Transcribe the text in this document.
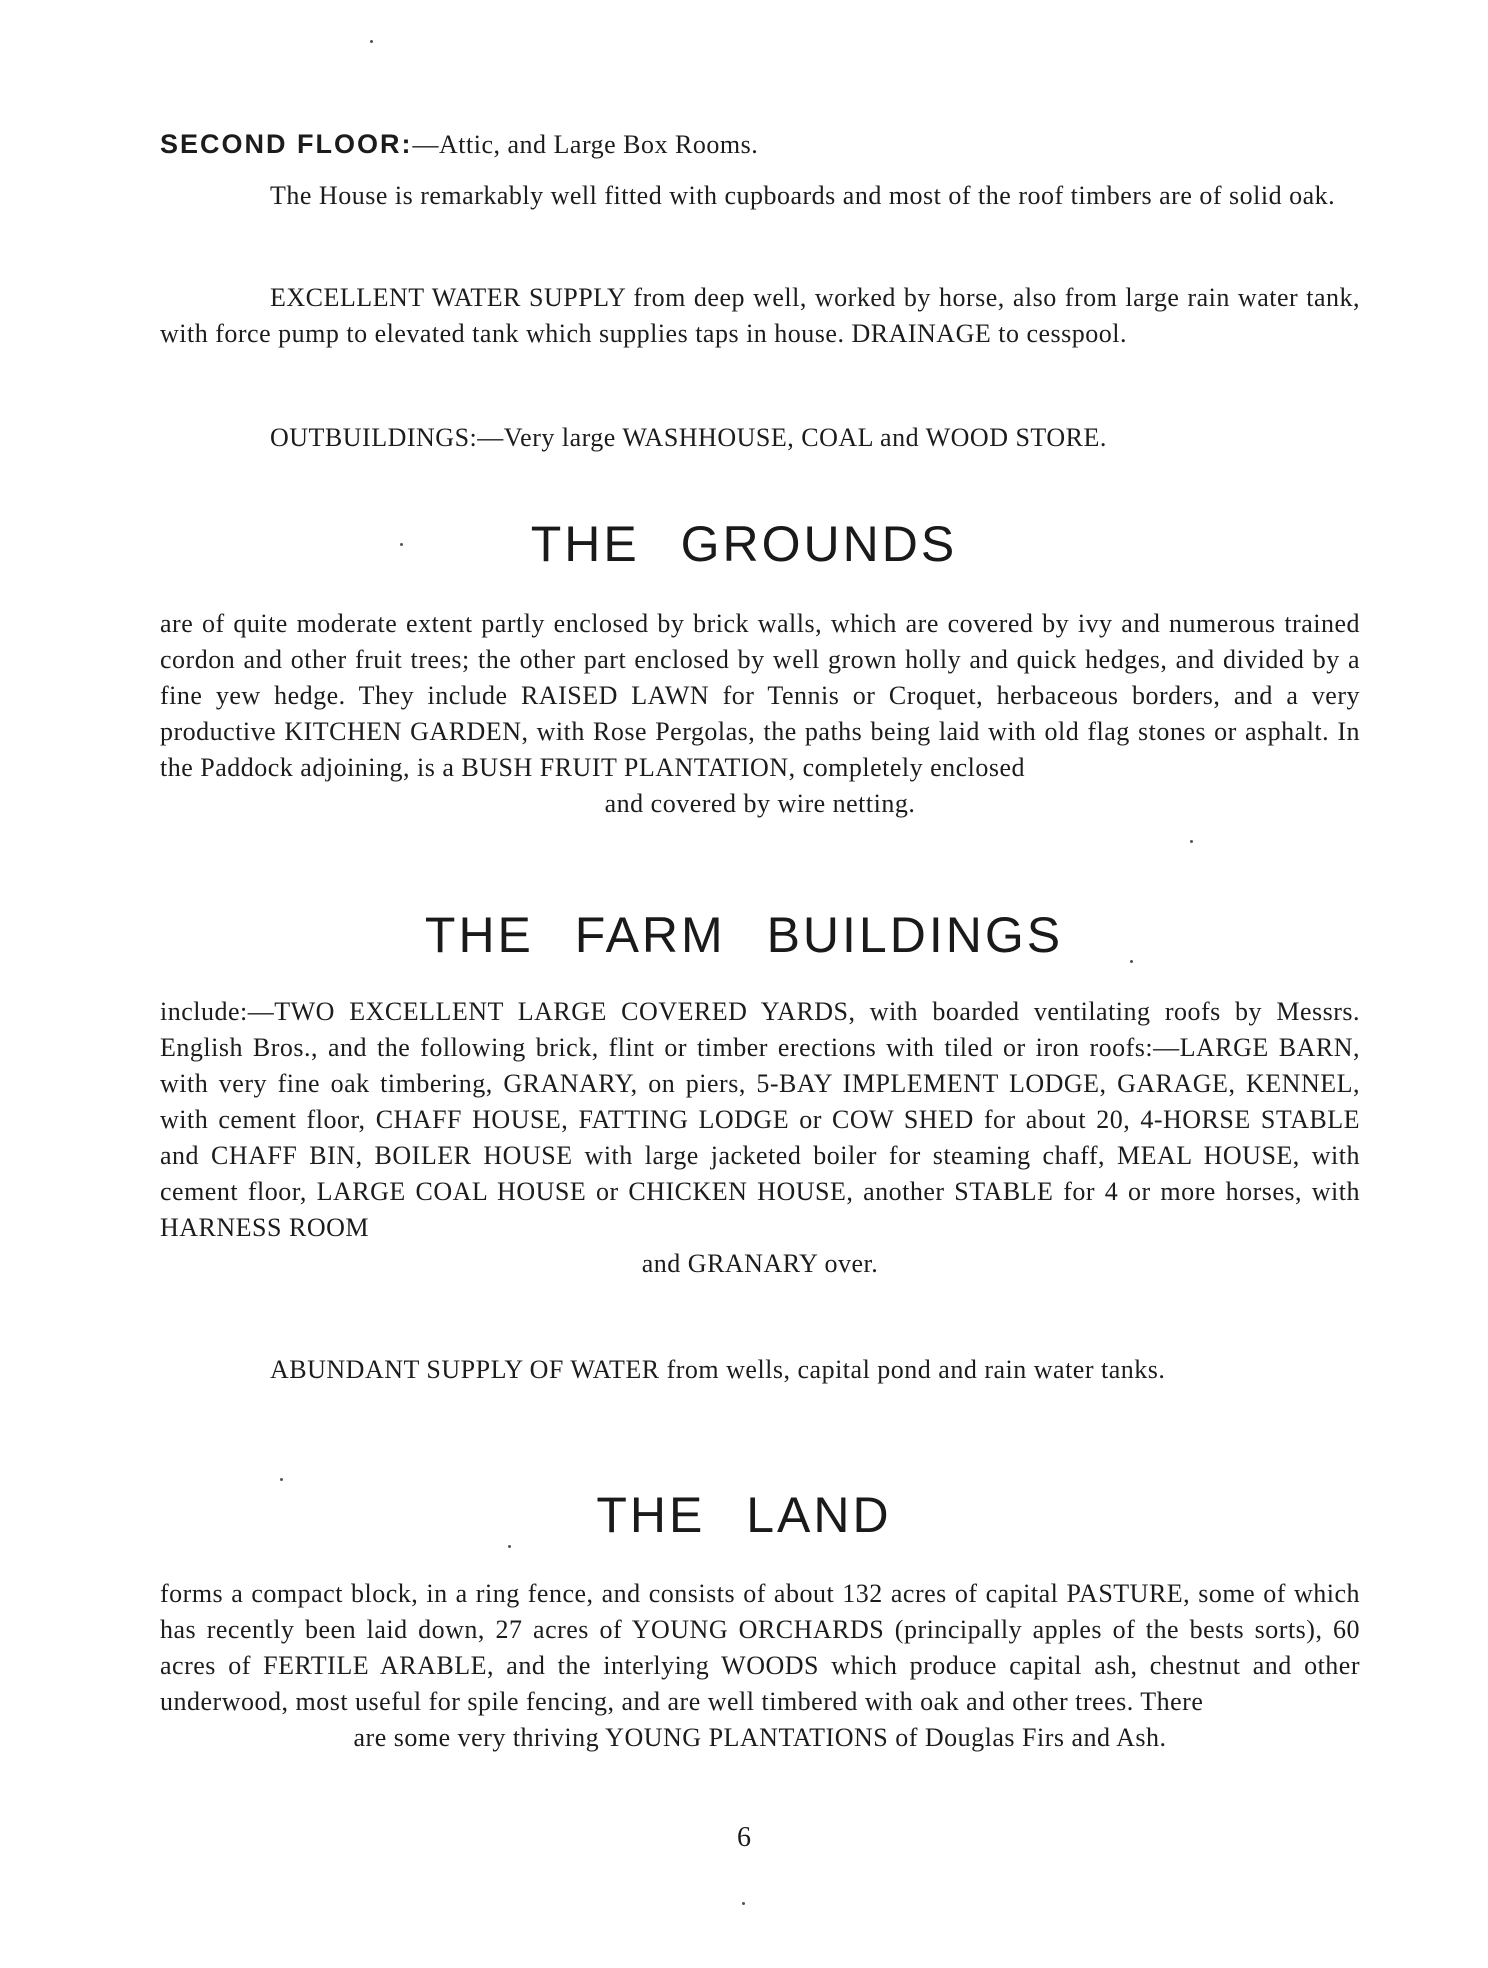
SECOND FLOOR:—Attic, and Large Box Rooms.

The House is remarkably well fitted with cupboards and most of the roof timbers are of solid oak.

EXCELLENT WATER SUPPLY from deep well, worked by horse, also from large rain water tank, with force pump to elevated tank which supplies taps in house. DRAINAGE to cesspool.

OUTBUILDINGS:—Very large WASHHOUSE, COAL and WOOD STORE.

THE GROUNDS

are of quite moderate extent partly enclosed by brick walls, which are covered by ivy and numerous trained cordon and other fruit trees; the other part enclosed by well grown holly and quick hedges, and divided by a fine yew hedge. They include RAISED LAWN for Tennis or Croquet, herbaceous borders, and a very productive KITCHEN GARDEN, with Rose Pergolas, the paths being laid with old flag stones or asphalt. In the Paddock adjoining, is a BUSH FRUIT PLANTATION, completely enclosed

and covered by wire netting.
THE FARM BUILDINGS

include:—TWO EXCELLENT LARGE COVERED YARDS, with boarded ventilating roofs by Messrs. English Bros., and the following brick, flint or timber erections with tiled or iron roofs:—LARGE BARN, with very fine oak timbering, GRANARY, on piers, 5-BAY IMPLEMENT LODGE, GARAGE, KENNEL, with cement floor, CHAFF HOUSE, FATTING LODGE or COW SHED for about 20, 4-HORSE STABLE and CHAFF BIN, BOILER HOUSE with large jacketed boiler for steaming chaff, MEAL HOUSE, with cement floor, LARGE COAL HOUSE or CHICKEN HOUSE, another STABLE for 4 or more horses, with HARNESS ROOM

and GRANARY over.

ABUNDANT SUPPLY OF WATER from wells, capital pond and rain water tanks.

THE LAND

forms a compact block, in a ring fence, and consists of about 132 acres of capital PASTURE, some of which has recently been laid down, 27 acres of YOUNG ORCHARDS (principally apples of the bests sorts), 60 acres of FERTILE ARABLE, and the interlying WOODS which produce capital ash, chestnut and other underwood, most useful for spile fencing, and are well timbered with oak and other trees. There

are some very thriving YOUNG PLANTATIONS of Douglas Firs and Ash.
6
